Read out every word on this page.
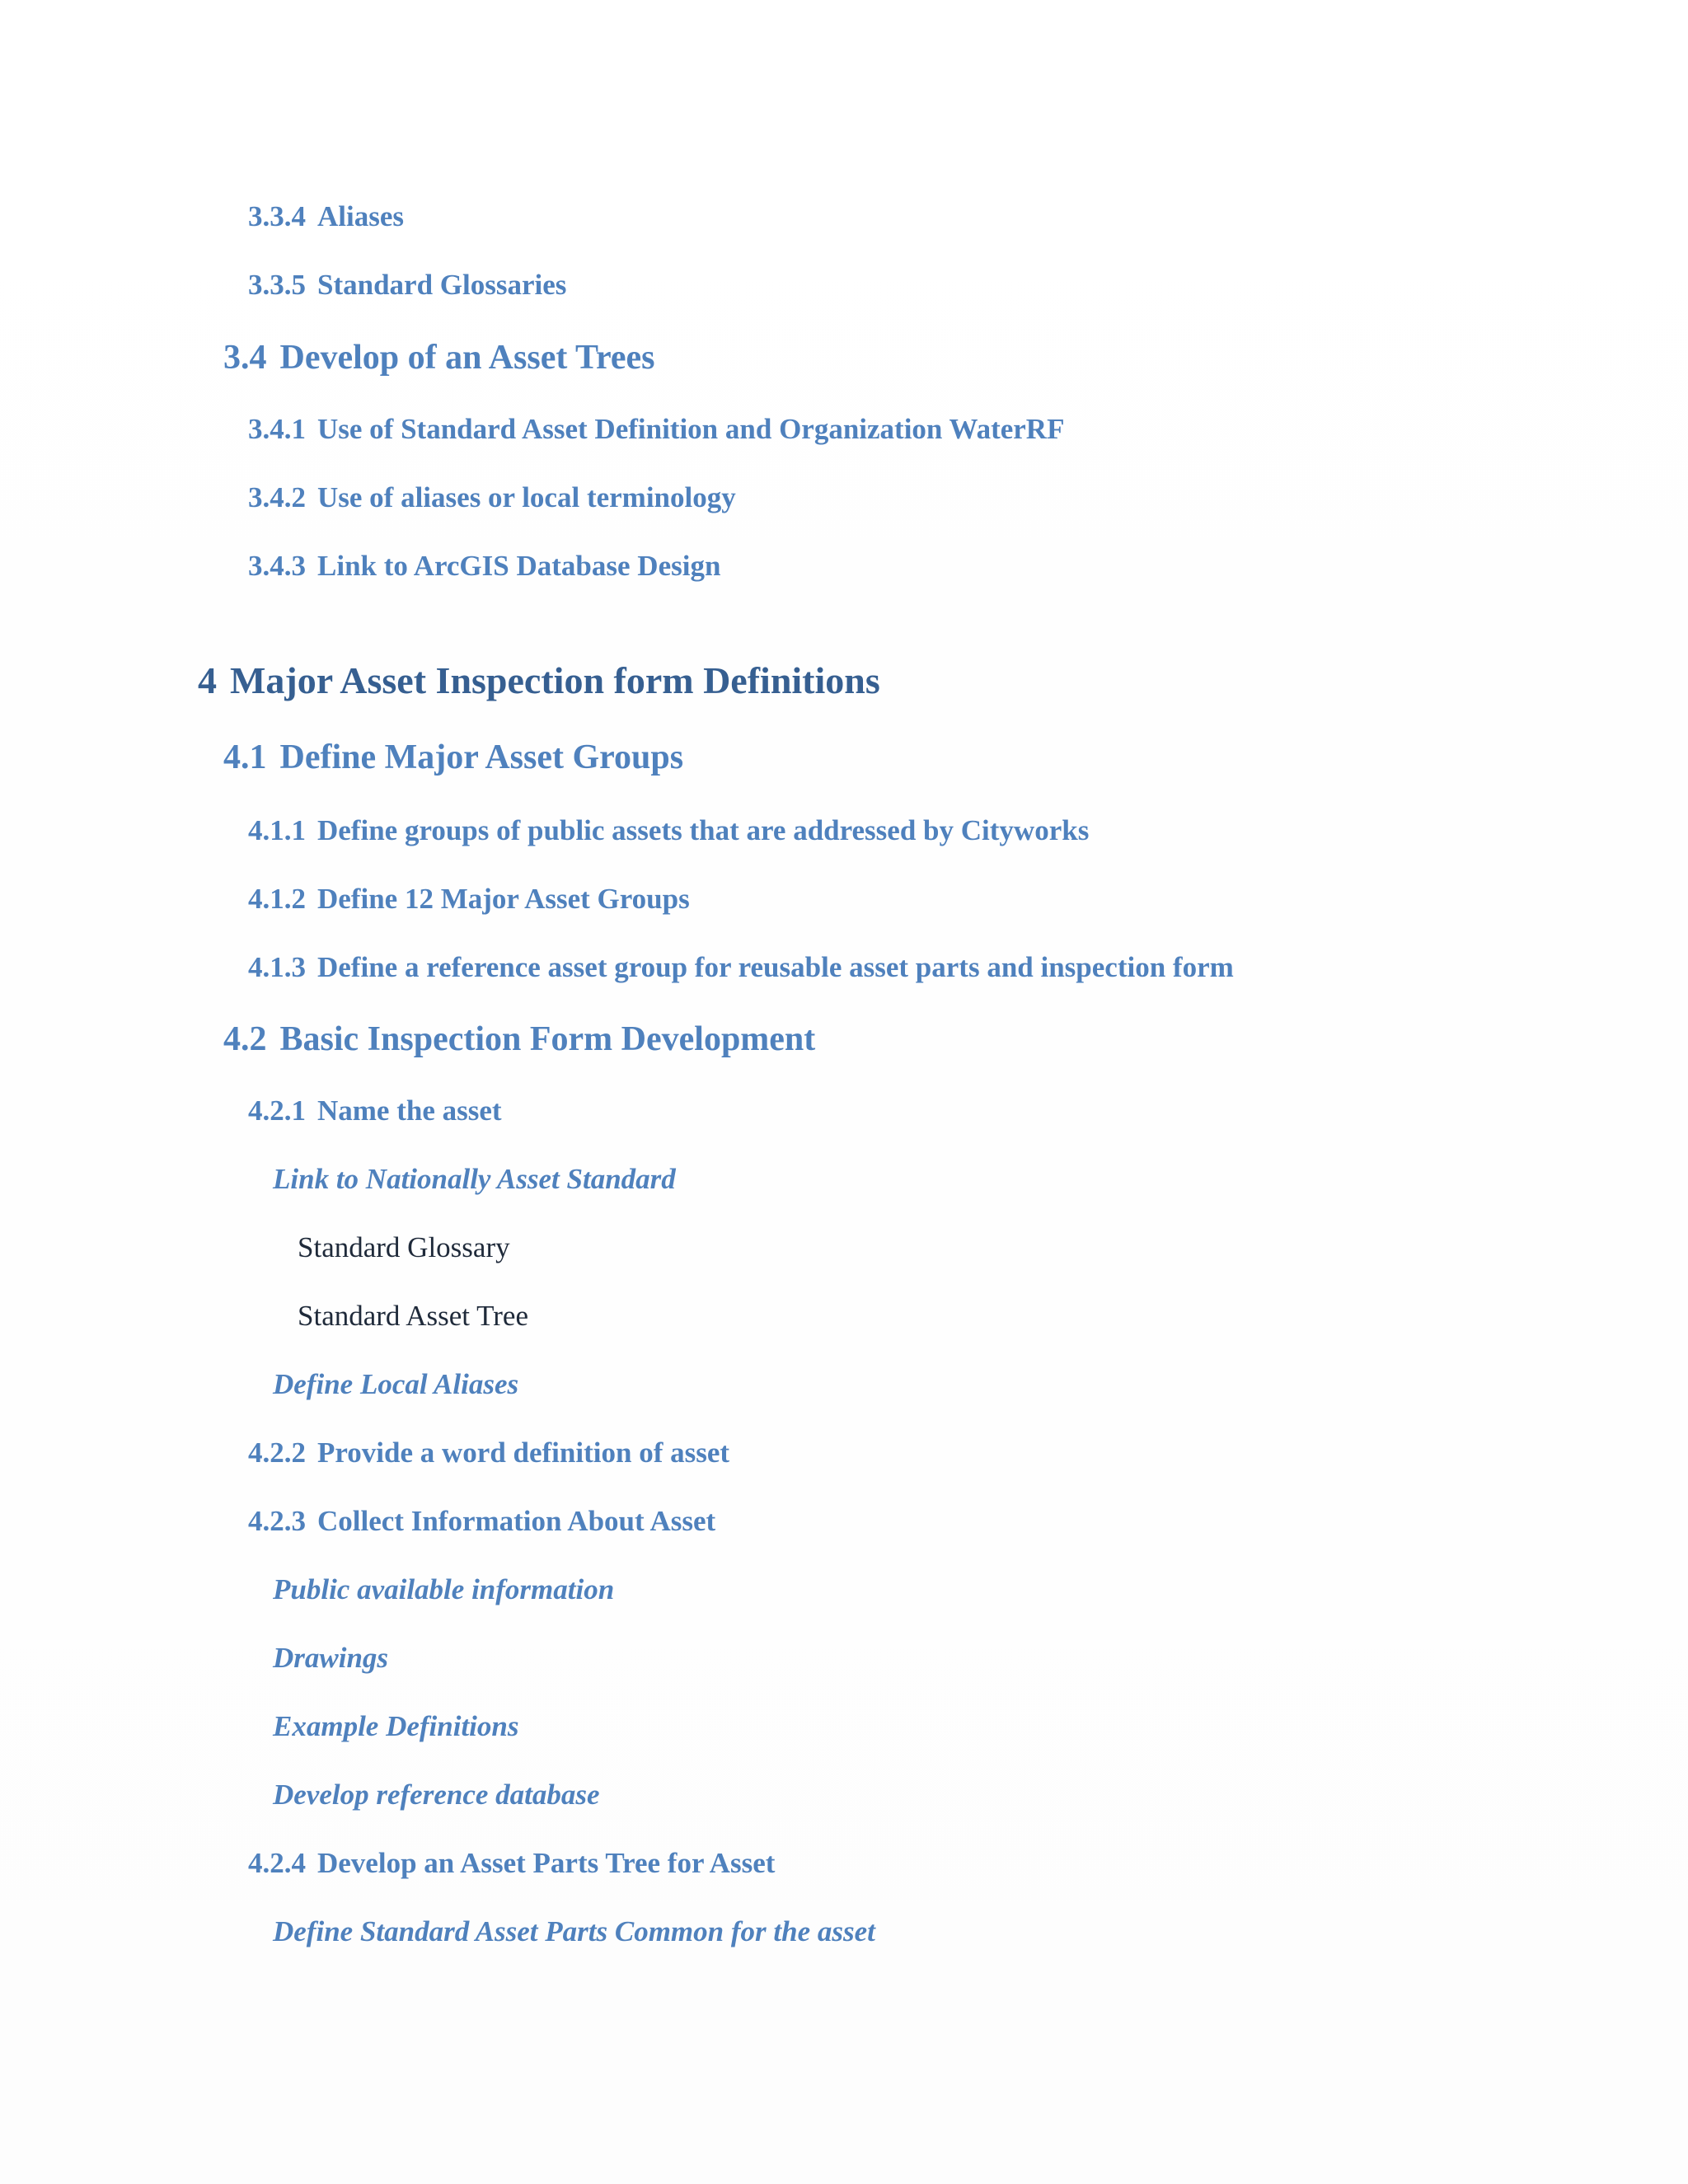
3.3.4 Aliases

3.3.5 Standard Glossaries

3.4 Develop of an Asset Trees

3.4.1 Use of Standard Asset Definition and Organization WaterRF

3.4.2 Use of aliases or local terminology

3.4.3 Link to ArcGIS Database Design

4 Major Asset Inspection form Definitions

4.1 Define Major Asset Groups

4.1.1 Define groups of public assets that are addressed by Cityworks

4.1.2 Define 12 Major Asset Groups

4.1.3 Define a reference asset group for reusable asset parts and inspection form

4.2 Basic Inspection Form Development

4.2.1 Name the asset

Link to Nationally Asset Standard

Standard Glossary

Standard Asset Tree

Define Local Aliases

4.2.2 Provide a word definition of asset

4.2.3 Collect Information About Asset

Public available information

Drawings

Example Definitions

Develop reference database

4.2.4 Develop an Asset Parts Tree for Asset

Define Standard Asset Parts Common for the asset
